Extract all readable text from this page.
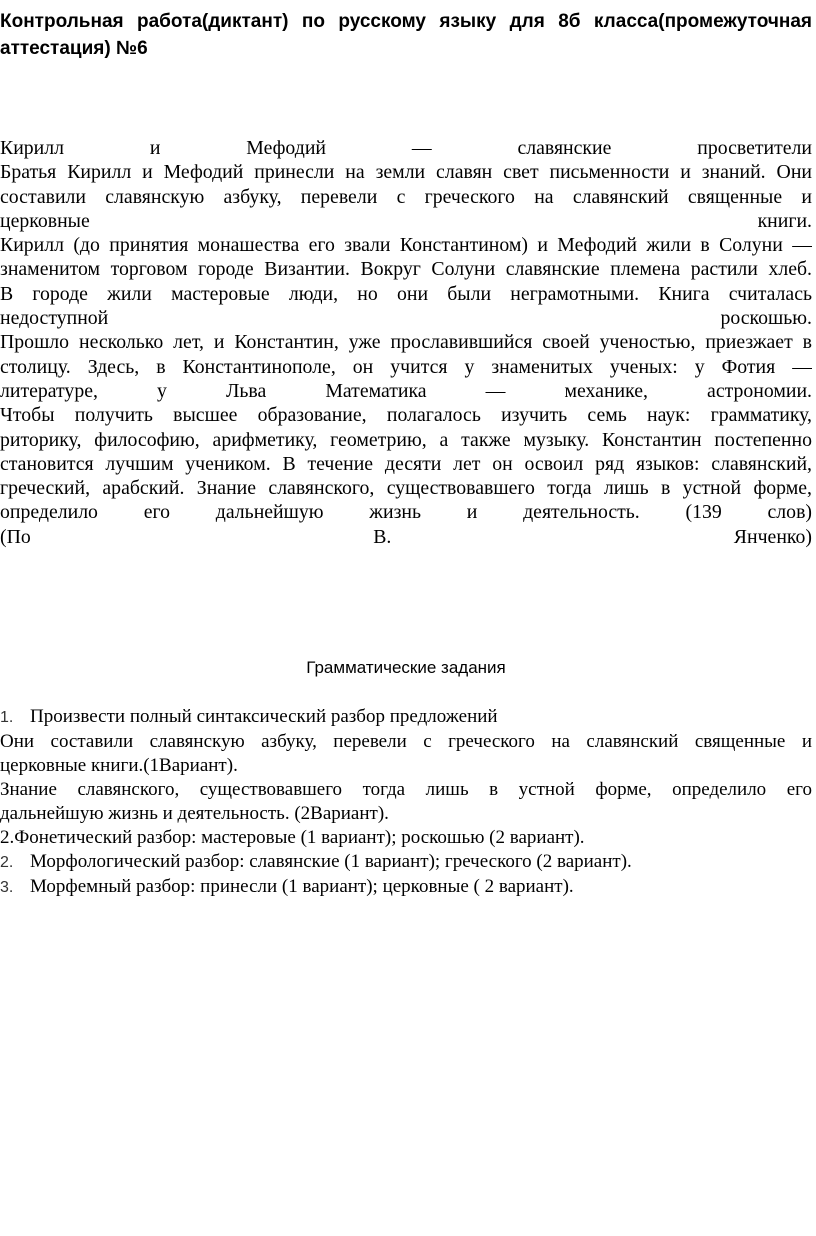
Контрольная работа(диктант) по русскому языку для 8б класса(промежуточная
аттестация) №6
Кирилл и Мефодий — славянские просветители
Братья Кирилл и Мефодий принесли на земли славян свет письменности и знаний. Они
составили славянскую азбуку, перевели с греческого на славянский священные и
церковные книги.
Кирилл (до принятия монашества его звали Константином) и Мефодий жили в Солуни —
знаменитом торговом городе Византии. Вокруг Солуни славянские племена растили хлеб.
В городе жили мастеровые люди, но они были неграмотными. Книга считалась
недоступной роскошью.
Прошло несколько лет, и Константин, уже прославившийся своей ученостью, приезжает в
столицу. Здесь, в Константинополе, он учится у знаменитых ученых: у Фотия —
литературе, у Льва Математика — механике, астрономии.
Чтобы получить высшее образование, полагалось изучить семь наук: грамматику,
риторику, философию, арифметику, геометрию, а также музыку. Константин постепенно
становится лучшим учеником. В течение десяти лет он освоил ряд языков: славянский,
греческий, арабский. Знание славянского, существовавшего тогда лишь в устной форме,
определило его дальнейшую жизнь и деятельность. (139 слов)
(По В. Янченко)
Грамматические задания
1. Произвести полный синтаксический разбор предложений
Они составили славянскую азбуку, перевели с греческого на славянский священные и
церковные книги.(1Вариант).
Знание славянского, существовавшего тогда лишь в устной форме, определило его
дальнейшую жизнь и деятельность. (2Вариант).
2.Фонетический разбор: мастеровые (1 вариант); роскошью (2 вариант).
2. Морфологический разбор: славянские (1 вариант); греческого (2 вариант).
3. Морфемный разбор: принесли (1 вариант); церковные ( 2 вариант).
